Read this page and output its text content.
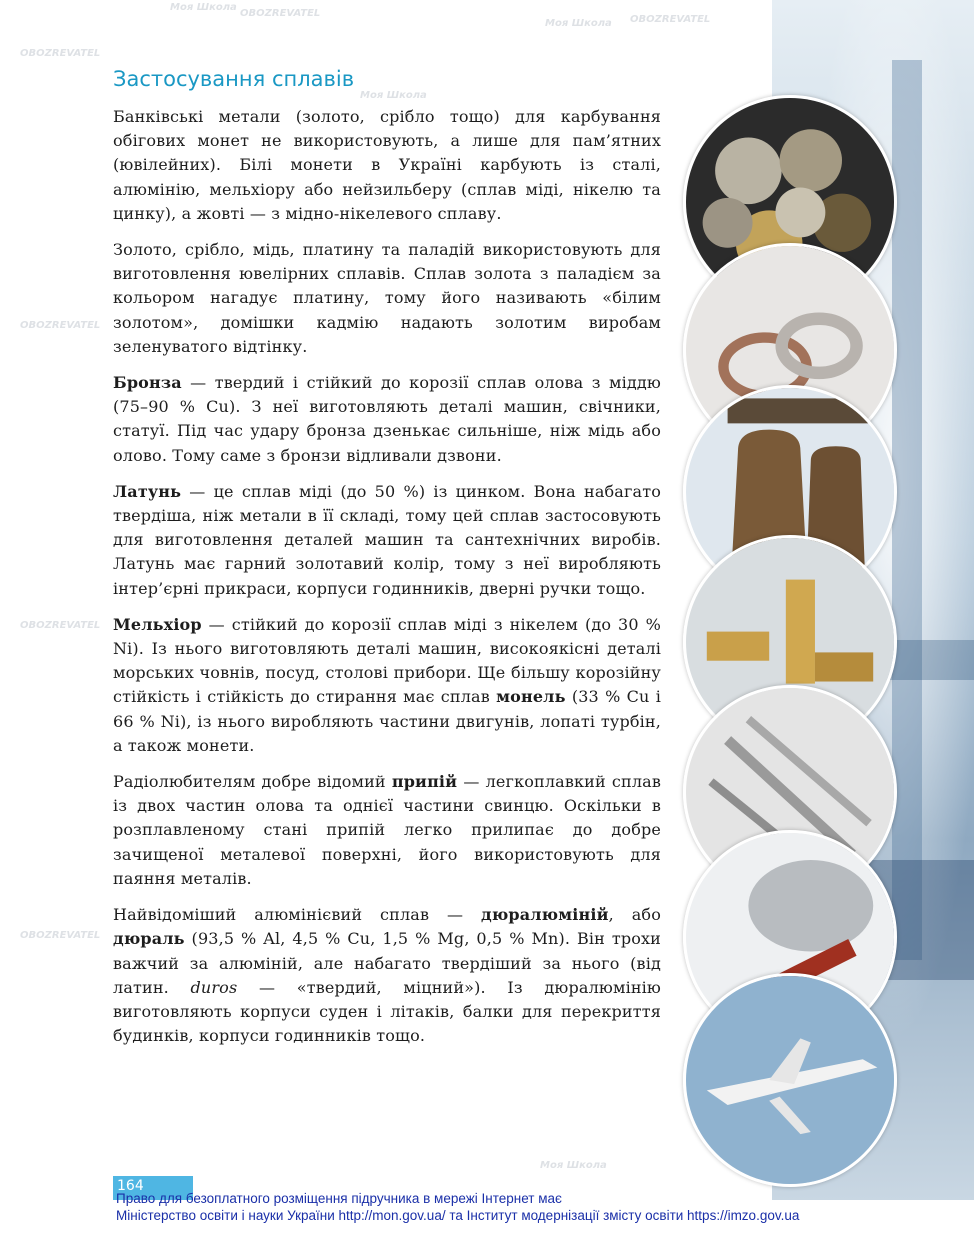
Моя Школа
OBOZREVATEL
Моя Школа OBOZREVATEL
OBOZREVATEL
Моя Школа
OBOZREVATEL
OBOZREVATEL
OBOZREVATEL
Моя Школа
Застосування сплавів

Банківські метали (золото, срібло тощо) для карбування обігових монет не використовують, а лише для пам’ятних (ювілейних). Білі монети в Україні карбують із сталі, алюмінію, мельхіору або нейзильберу (сплав міді, нікелю та цинку), а жовті — з мідно-нікелевого сплаву.

Золото, срібло, мідь, платину та паладій використовують для виготовлення ювелірних сплавів. Сплав золота з паладієм за кольором нагадує платину, тому його називають «білим золотом», домішки кадмію надають золотим виробам зеленуватого відтінку.

Бронза — твердий і стійкий до корозії сплав олова з міддю (75–90 % Cu). З неї виготовляють деталі машин, свічники, статуї. Під час удару бронза дзенькає сильніше, ніж мідь або олово. Тому саме з бронзи відливали дзвони.

Латунь — це сплав міді (до 50 %) із цинком. Вона набагато твердіша, ніж метали в її складі, тому цей сплав застосовують для виготовлення деталей машин та сантехнічних виробів. Латунь має гарний золотавий колір, тому з неї виробляють інтер’єрні прикраси, корпуси годинників, дверні ручки тощо.

Мельхіор — стійкий до корозії сплав міді з нікелем (до 30 % Ni). Із нього виготовляють деталі машин, високоякісні деталі морських човнів, посуд, столові прибори. Ще більшу корозійну стійкість і стійкість до стирання має сплав монель (33 % Cu і 66 % Ni), із нього виробляють частини двигунів, лопаті турбін, а також монети.

Радіолюбителям добре відомий припій — легкоплавкий сплав із двох частин олова та однієї частини свинцю. Оскільки в розплавленому стані припій легко прилипає до добре зачищеної металевої поверхні, його використовують для паяння металів.

Найвідоміший алюмінієвий сплав — дюралюміній, або дюраль (93,5 % Al, 4,5 % Cu, 1,5 % Mg, 0,5 % Mn). Він трохи важчий за алюміній, але набагато твердіший за нього (від латин. duros — «твердий, міцний»). Із дюралюмінію виготовляють корпуси суден і літаків, балки для перекриття будинків, корпуси годинників тощо.

164
Право для безоплатного розміщення підручника в мережі Інтернет має
Міністерство освіти і науки України http://mon.gov.ua/ та Інститут модернізації змісту освіти https://imzo.gov.ua
